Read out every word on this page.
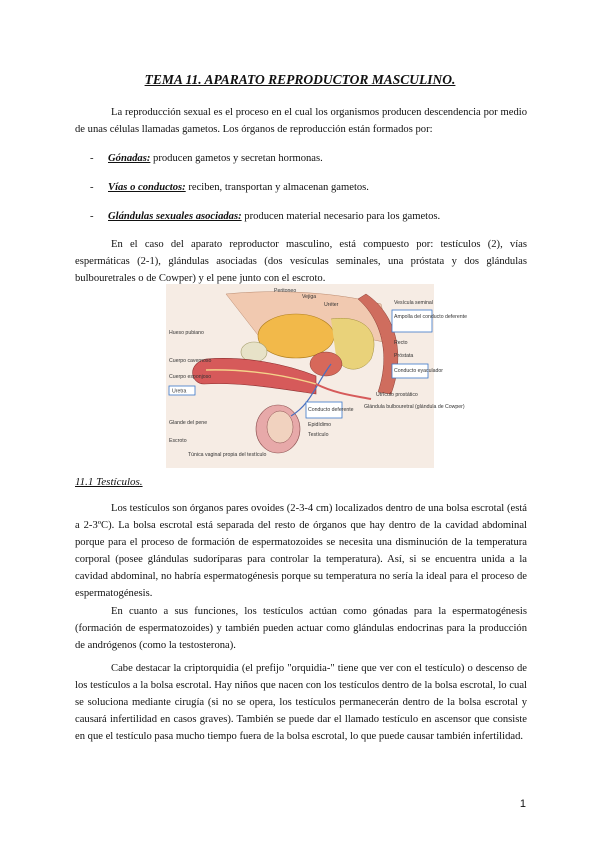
TEMA 11. APARATO REPRODUCTOR MASCULINO.

La reproducción sexual es el proceso en el cual los organismos producen descendencia por medio de unas células llamadas gametos. Los órganos de reproducción están formados por:

- Gónadas: producen gametos y secretan hormonas.
- Vías o conductos: reciben, transportan y almacenan gametos.
- Glándulas sexuales asociadas: producen material necesario para los gametos.

En el caso del aparato reproductor masculino, está compuesto por: testículos (2), vías espermáticas (2-1), glándulas asociadas (dos vesículas seminales, una próstata y dos glándulas bulbouretrales o de Cowper) y el pene junto con el escroto.

Peritoneo
Vejiga
Uréter	Vesícula seminal
Hueso pubiano
Cuerpo cavernoso
Cuerpo esponjoso
Uretra
Glande del pene
Escroto
Túnica vaginal propia del testículo
Ampolla del conducto deferente
Recto
Próstata
Conducto eyaculador
Utrículo prostático
Glándula bulbouretral (glándula de Cowper)
Conducto deferente
Epidídimo
Testículo
11.1 Testículos.

Los testículos son órganos pares ovoides (2-3-4 cm) localizados dentro de una bolsa escrotal (está a 2-3ºC). La bolsa escrotal está separada del resto de órganos que hay dentro de la cavidad abdominal porque para el proceso de formación de espermatozoides se necesita una disminución de la temperatura corporal (posee glándulas sudoríparas para controlar la temperatura). Así, si se encuentra unida a la cavidad abdominal, no habría espermatogénesis porque su temperatura no sería la ideal para el proceso de espermatogénesis.

En cuanto a sus funciones, los testículos actúan como gónadas para la espermatogénesis (formación de espermatozoides) y también pueden actuar como glándulas endocrinas para la producción de andrógenos (como la testosterona).

Cabe destacar la criptorquidia (el prefijo "orquidia-" tiene que ver con el testículo) o descenso de los testículos a la bolsa escrotal. Hay niños que nacen con los testículos dentro de la bolsa escrotal, lo cual se soluciona mediante cirugía (si no se opera, los testículos permanecerán dentro de la bolsa escrotal y causará infertilidad en casos graves). También se puede dar el llamado testículo en ascensor que consiste en que el testículo pasa mucho tiempo fuera de la bolsa escrotal, lo que puede causar también infertilidad.

1
